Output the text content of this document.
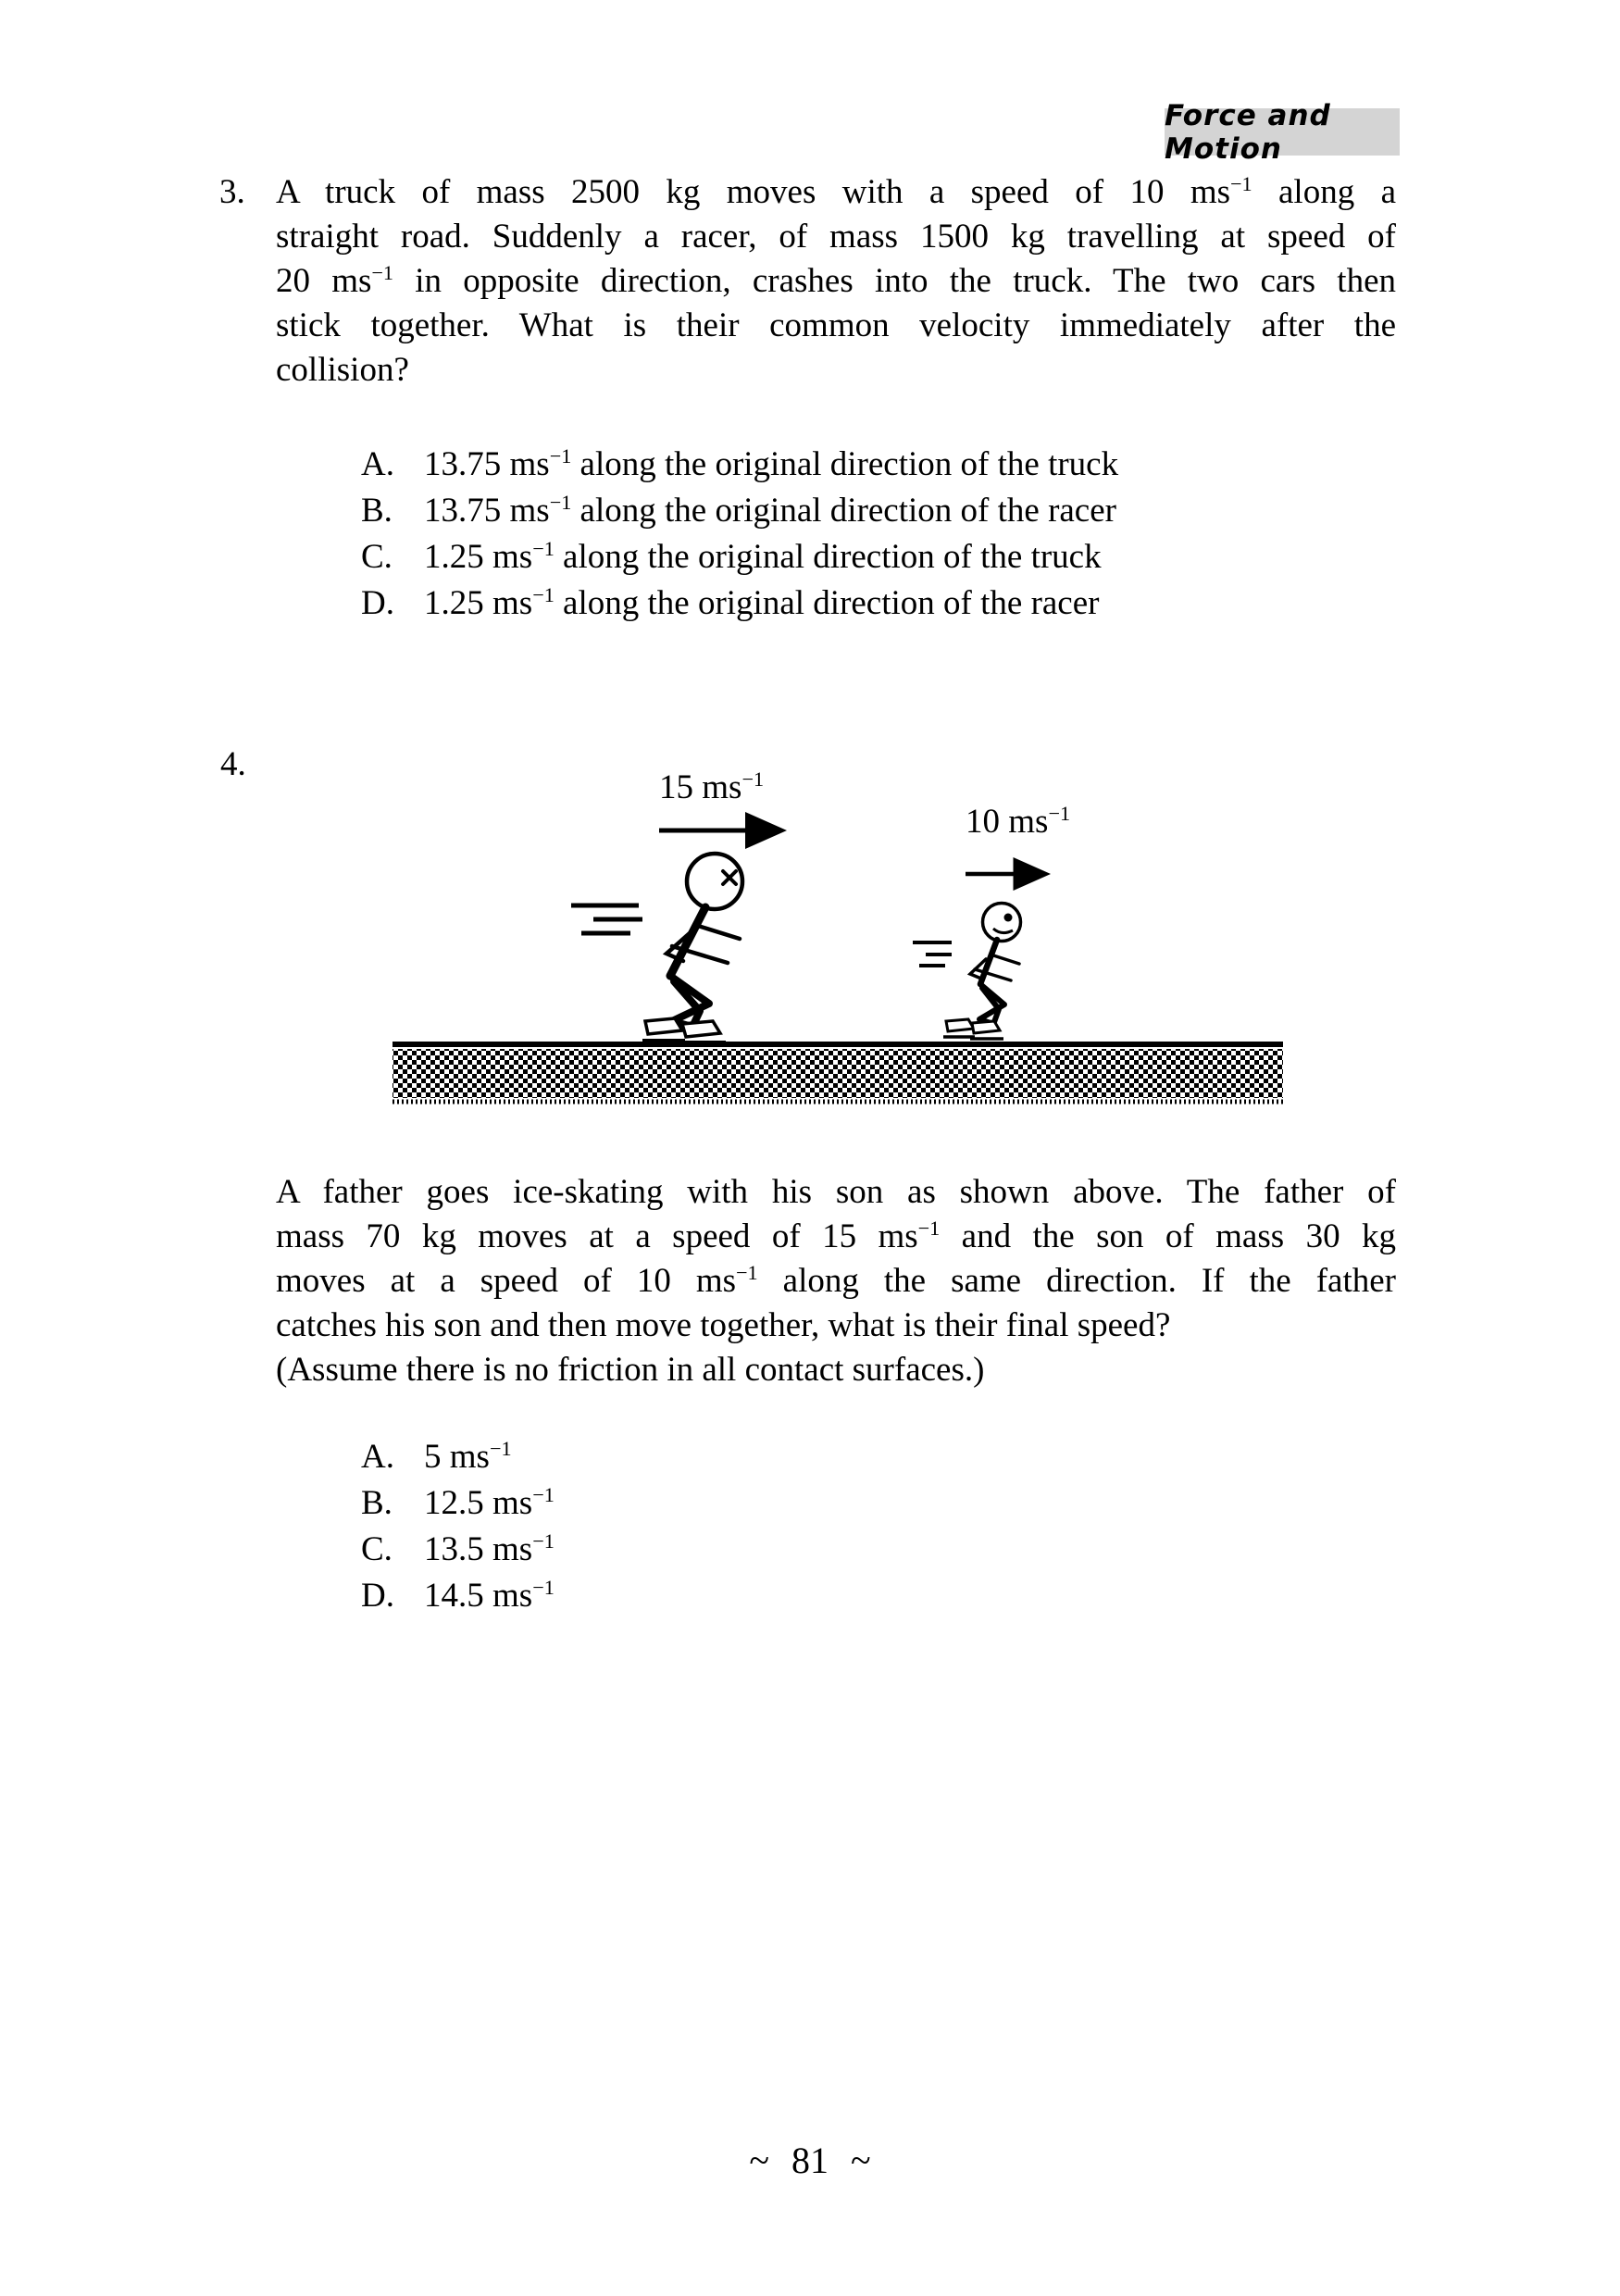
Force and Motion
3. A truck of mass 2500 kg moves with a speed of 10 $ms^{-1}$ along a
straight road. Suddenly a racer, of mass 1500 kg travelling at speed of
20 $ms^{-1}$ in opposite direction, crashes into the truck. The two cars then
stick together. What is their common velocity immediately after the
collision?
A. 13.75 $ms^{-1}$ along the original direction of the truck
B. 13.75 $ms^{-1}$ along the original direction of the racer
C. 1.25 $ms^{-1}$ along the original direction of the truck
D. 1.25 $ms^{-1}$ along the original direction of the racer
4.
15 $ms^{-1}$
10 $ms^{-1}$
A father goes ice-skating with his son as shown above. The father of
mass 70 kg moves at a speed of 15 $ms^{-1}$ and the son of mass 30 kg
moves at a speed of 10 $ms^{-1}$ along the same direction. If the father
catches his son and then move together, what is their final speed?
(Assume there is no friction in all contact surfaces.)
A. 5 $ms^{-1}$
B. 12.5 $ms^{-1}$
C. 13.5 $ms^{-1}$
D. 14.5 $ms^{-1}$
~ 81 ~
